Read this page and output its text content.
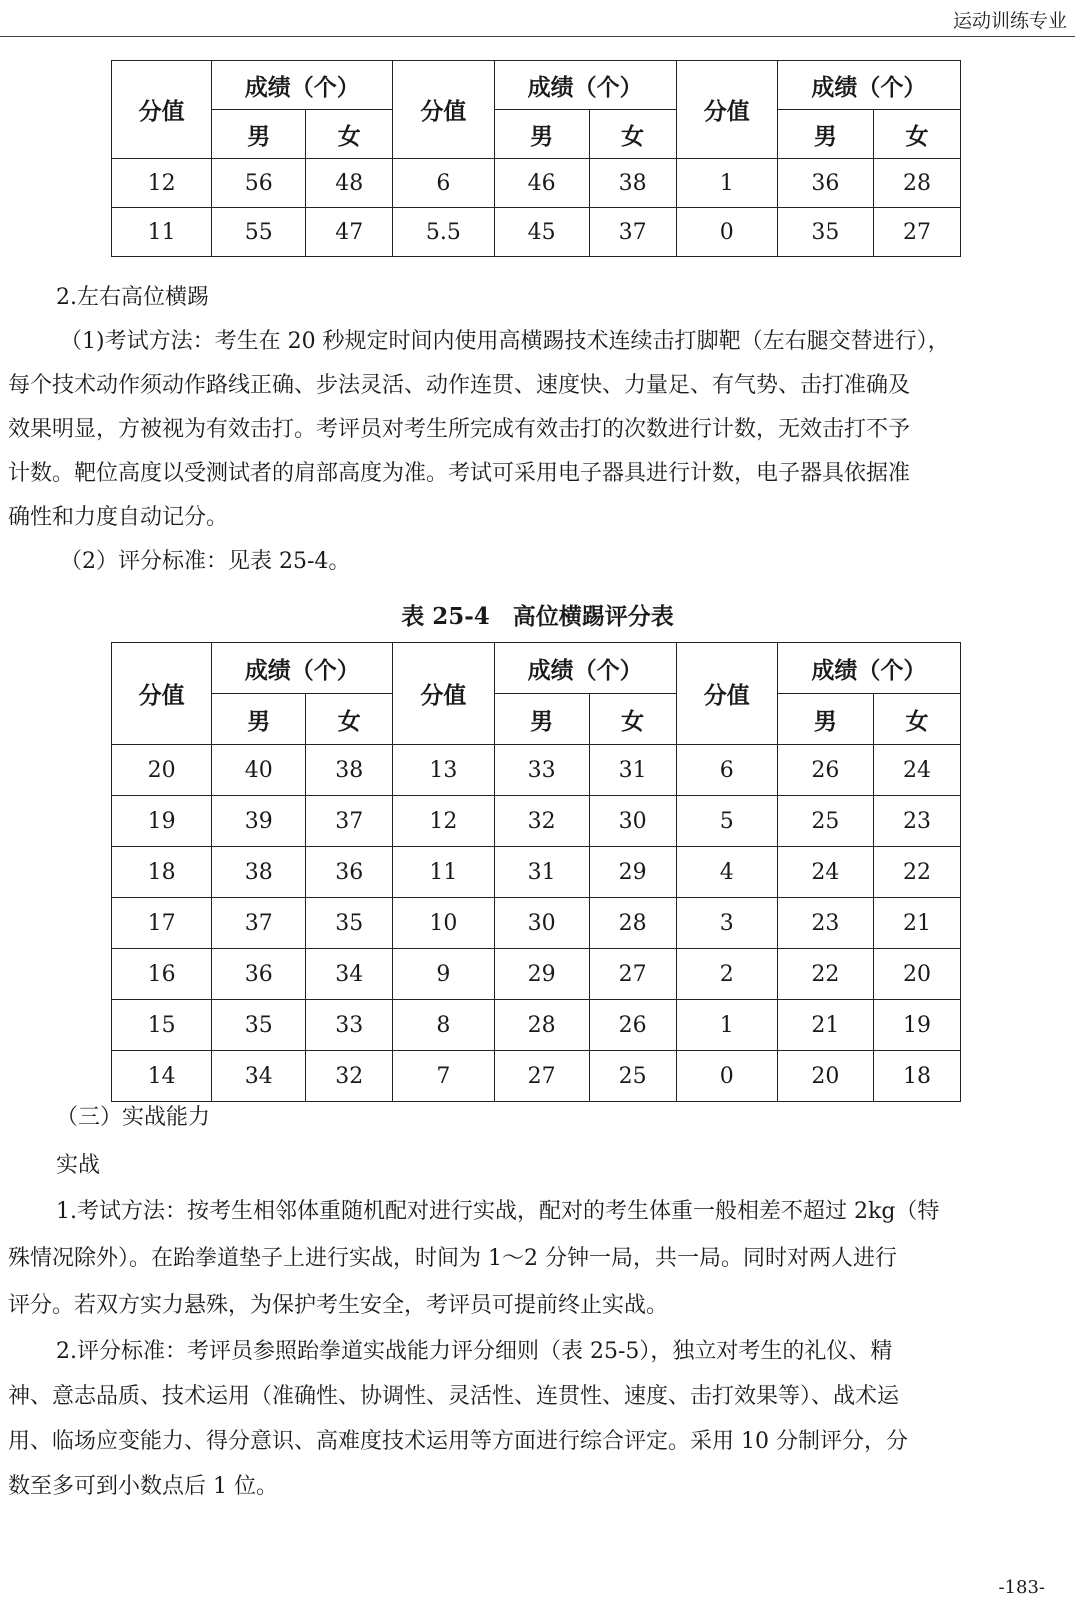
运动训练专业
分值	成绩（个）		分值	成绩（个）		分值	成绩（个）	
	男	女		男	女		男	女
12	56	48	6	46	38	1	36	28
11	55	47	5.5	45	37	0	35	27
2.左右高位横踢
（1)考试方法：考生在 20 秒规定时间内使用高横踢技术连续击打脚靶（左右腿交替进行），
每个技术动作须动作路线正确、步法灵活、动作连贯、速度快、力量足、有气势、击打准确及
效果明显，方被视为有效击打。考评员对考生所完成有效击打的次数进行计数，无效击打不予
计数。靶位高度以受测试者的肩部高度为准。考试可采用电子器具进行计数，电子器具依据准
确性和力度自动记分。
（2）评分标准：见表 25-4。
表 25-4　高位横踢评分表
分值	成绩（个）		分值	成绩（个）		分值	成绩（个）	
	男	女		男	女		男	女
20	40	38	13	33	31	6	26	24
19	39	37	12	32	30	5	25	23
18	38	36	11	31	29	4	24	22
17	37	35	10	30	28	3	23	21
16	36	34	9	29	27	2	22	20
15	35	33	8	28	26	1	21	19
14	34	32	7	27	25	0	20	18
（三）实战能力
实战
1.考试方法：按考生相邻体重随机配对进行实战，配对的考生体重一般相差不超过 2kg（特
殊情况除外）。在跆拳道垫子上进行实战，时间为 1～2 分钟一局，共一局。同时对两人进行
评分。若双方实力悬殊，为保护考生安全，考评员可提前终止实战。
2.评分标准：考评员参照跆拳道实战能力评分细则（表 25-5），独立对考生的礼仪、精
神、意志品质、技术运用（准确性、协调性、灵活性、连贯性、速度、击打效果等）、战术运
用、临场应变能力、得分意识、高难度技术运用等方面进行综合评定。采用 10 分制评分，分
数至多可到小数点后 1 位。
-183-
